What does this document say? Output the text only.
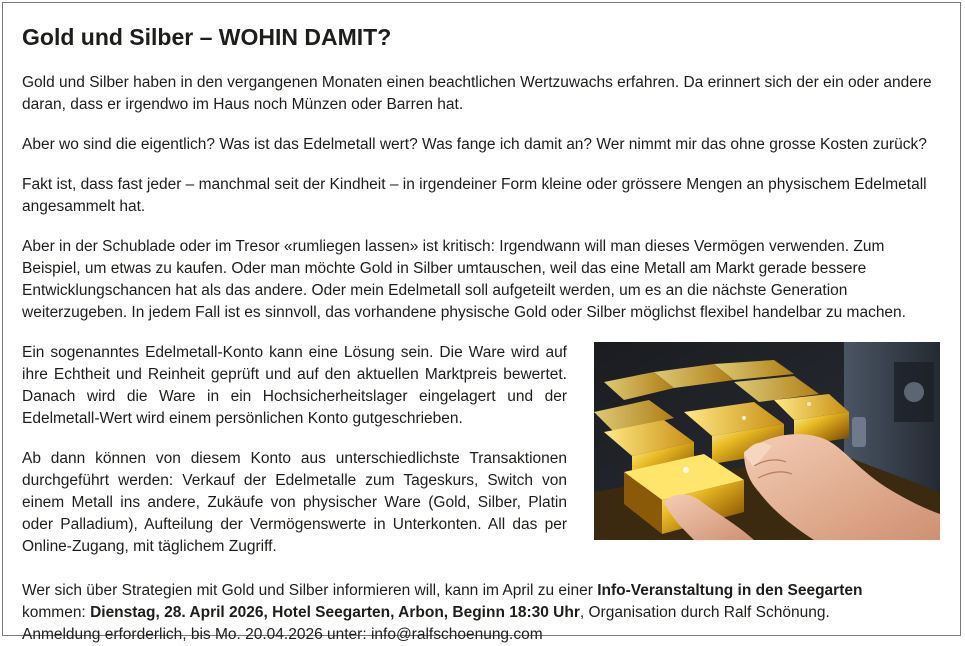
Gold und Silber – WOHIN DAMIT?

Gold und Silber haben in den vergangenen Monaten einen beachtlichen Wertzuwachs erfahren. Da erinnert sich der ein oder andere daran, dass er irgendwo im Haus noch Münzen oder Barren hat.

Aber wo sind die eigentlich? Was ist das Edelmetall wert? Was fange ich damit an? Wer nimmt mir das ohne grosse Kosten zurück?

Fakt ist, dass fast jeder – manchmal seit der Kindheit – in irgendeiner Form kleine oder grössere Mengen an physischem Edelmetall angesammelt hat.

Aber in der Schublade oder im Tresor «rumliegen lassen» ist kritisch: Irgendwann will man dieses Vermögen verwenden. Zum Beispiel, um etwas zu kaufen. Oder man möchte Gold in Silber umtauschen, weil das eine Metall am Markt gerade bessere Entwicklungschancen hat als das andere. Oder mein Edelmetall soll aufgeteilt werden, um es an die nächste Generation weiterzugeben. In jedem Fall ist es sinnvoll, das vorhandene physische Gold oder Silber möglichst flexibel handelbar zu machen.

Ein sogenanntes Edelmetall-Konto kann eine Lösung sein. Die Ware wird auf ihre Echtheit und Reinheit geprüft und auf den aktuellen Marktpreis bewertet. Danach wird die Ware in ein Hochsicherheitslager eingelagert und der Edelmetall-Wert wird einem persönlichen Konto gutgeschrieben.

Ab dann können von diesem Konto aus unterschiedlichste Transaktionen durchgeführt werden: Verkauf der Edelmetalle zum Tageskurs, Switch von einem Metall ins andere, Zukäufe von physischer Ware (Gold, Silber, Platin oder Palladium), Aufteilung der Vermögenswerte in Unterkonten. All das per Online-Zugang, mit täglichem Zugriff.

Wer sich über Strategien mit Gold und Silber informieren will, kann im April zu einer Info-Veranstaltung in den Seegarten
kommen: Dienstag, 28. April 2026, Hotel Seegarten, Arbon, Beginn 18:30 Uhr, Organisation durch Ralf Schönung.
Anmeldung erforderlich, bis Mo. 20.04.2026 unter: info@ralfschoenung.com
